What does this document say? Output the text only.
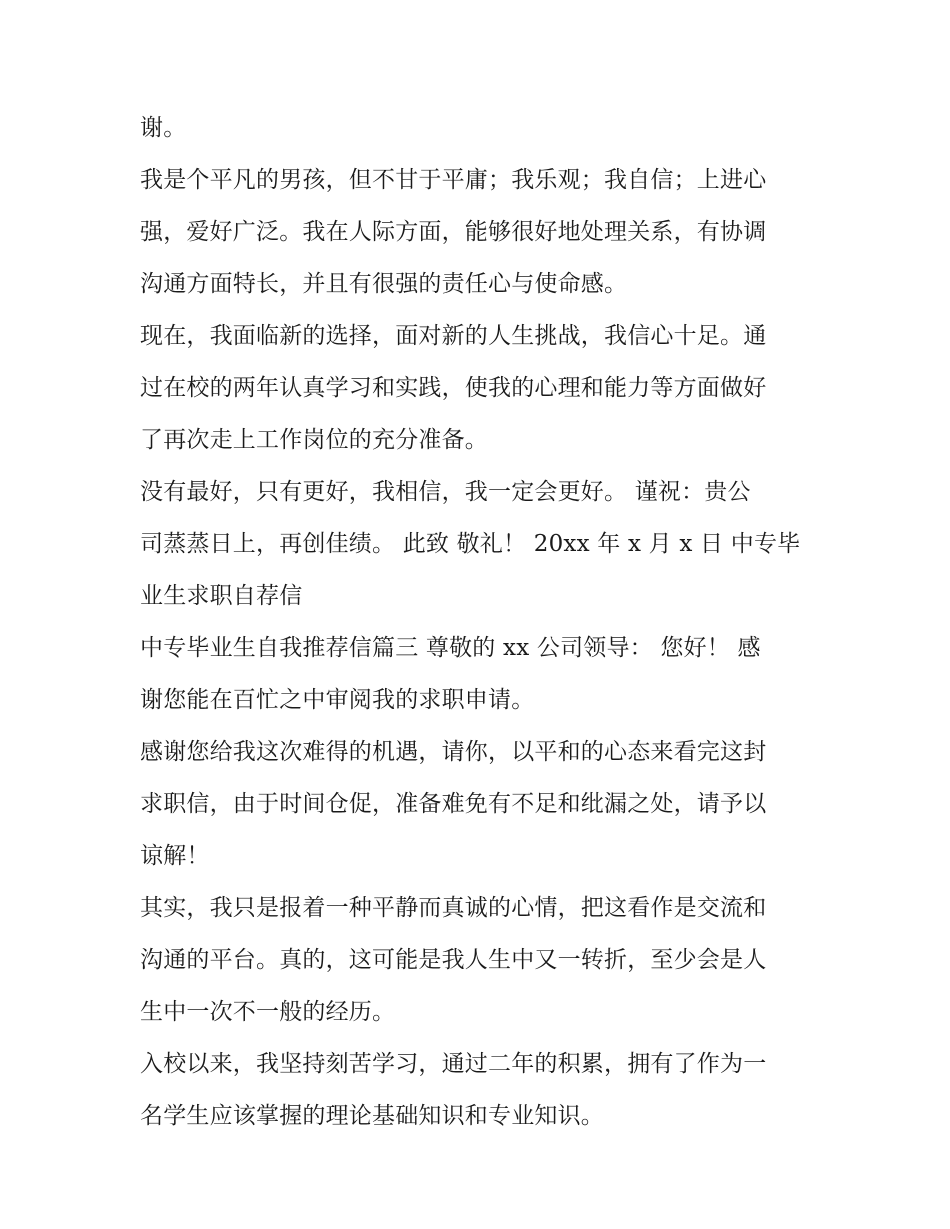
谢。
我是个平凡的男孩，但不甘于平庸；我乐观；我自信；上进心
强，爱好广泛。我在人际方面，能够很好地处理关系，有协调
沟通方面特长，并且有很强的责任心与使命感。
现在，我面临新的选择，面对新的人生挑战，我信心十足。通
过在校的两年认真学习和实践，使我的心理和能力等方面做好
了再次走上工作岗位的充分准备。
没有最好，只有更好，我相信，我一定会更好。 谨祝：贵公
司蒸蒸日上，再创佳绩。 此致 敬礼！ 20xx 年 x 月 x 日 中专毕
业生求职自荐信
中专毕业生自我推荐信篇三 尊敬的 xx 公司领导： 您好！ 感
谢您能在百忙之中审阅我的求职申请。
感谢您给我这次难得的机遇，请你，以平和的心态来看完这封
求职信，由于时间仓促，准备难免有不足和纰漏之处，请予以
谅解！
其实，我只是报着一种平静而真诚的心情，把这看作是交流和
沟通的平台。真的，这可能是我人生中又一转折，至少会是人
生中一次不一般的经历。
入校以来，我坚持刻苦学习，通过二年的积累，拥有了作为一
名学生应该掌握的理论基础知识和专业知识。
